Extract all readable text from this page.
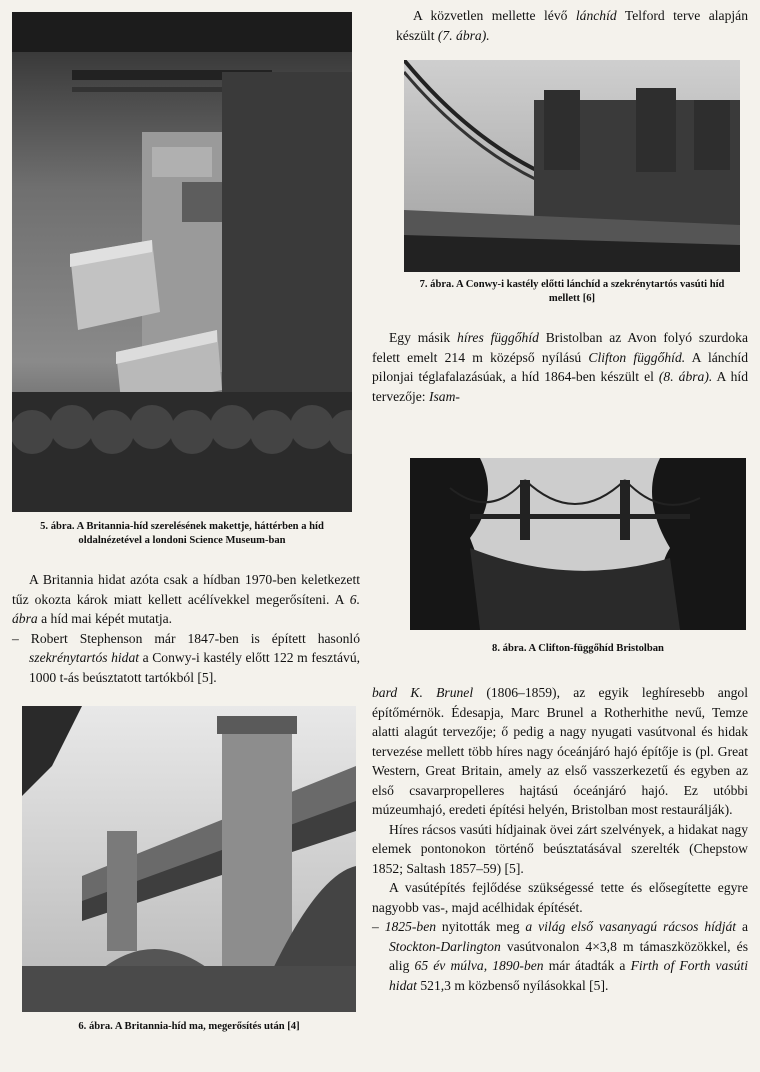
5. ábra. A Britannia-híd szerelésének makettje, háttérben a híd oldalnézetével a londoni Science Museum-ban

A Britannia hidat azóta csak a hídban 1970-ben keletkezett tűz okozta károk miatt kellett acélívekkel megerősíteni. A 6. ábra a híd mai képét mutatja.

– Robert Stephenson már 1847-ben is épített hasonló szekrénytartós hidat a Conwy-i kastély előtt 122 m fesztávú, 1000 t-ás beúsztatott tartókból [5].

6. ábra. A Britannia-híd ma, megerősítés után [4]

A közvetlen mellette lévő lánchíd Telford terve alapján készült (7. ábra).

7. ábra. A Conwy-i kastély előtti lánchíd a szekrénytartós vasúti híd mellett [6]

Egy másik híres függőhíd Bristolban az Avon folyó szurdoka felett emelt 214 m középső nyílású Clifton függőhíd. A lánchíd pilonjai téglafalazásúak, a híd 1864-ben készült el (8. ábra). A híd tervezője: Isam-

8. ábra. A Clifton-függőhíd Bristolban

bard K. Brunel (1806–1859), az egyik leghíresebb angol építőmérnök. Édesapja, Marc Brunel a Rotherhithe nevű, Temze alatti alagút tervezője; ő pedig a nagy nyugati vasútvonal és hidak tervezése mellett több híres nagy óceánjáró hajó építője is (pl. Great Western, Great Britain, amely az első vasszerkezetű és egyben az első csavarpropelleres hajtású óceánjáró hajó. Ez utóbbi múzeumhajó, eredeti építési helyén, Bristolban most restaurálják).

Híres rácsos vasúti hídjainak övei zárt szelvények, a hidakat nagy elemek pontonokon történő beúsztatásával szerelték (Chepstow 1852; Saltash 1857–59) [5].

A vasútépítés fejlődése szükségessé tette és elősegítette egyre nagyobb vas-, majd acélhidak építését.

– 1825-ben nyitották meg a világ első vasanyagú rácsos hídját a Stockton-Darlington vasútvonalon 4×3,8 m támaszközökkel, és alig 65 év múlva, 1890-ben már átadták a Firth of Forth vasúti hidat 521,3 m közbenső nyílásokkal [5].
